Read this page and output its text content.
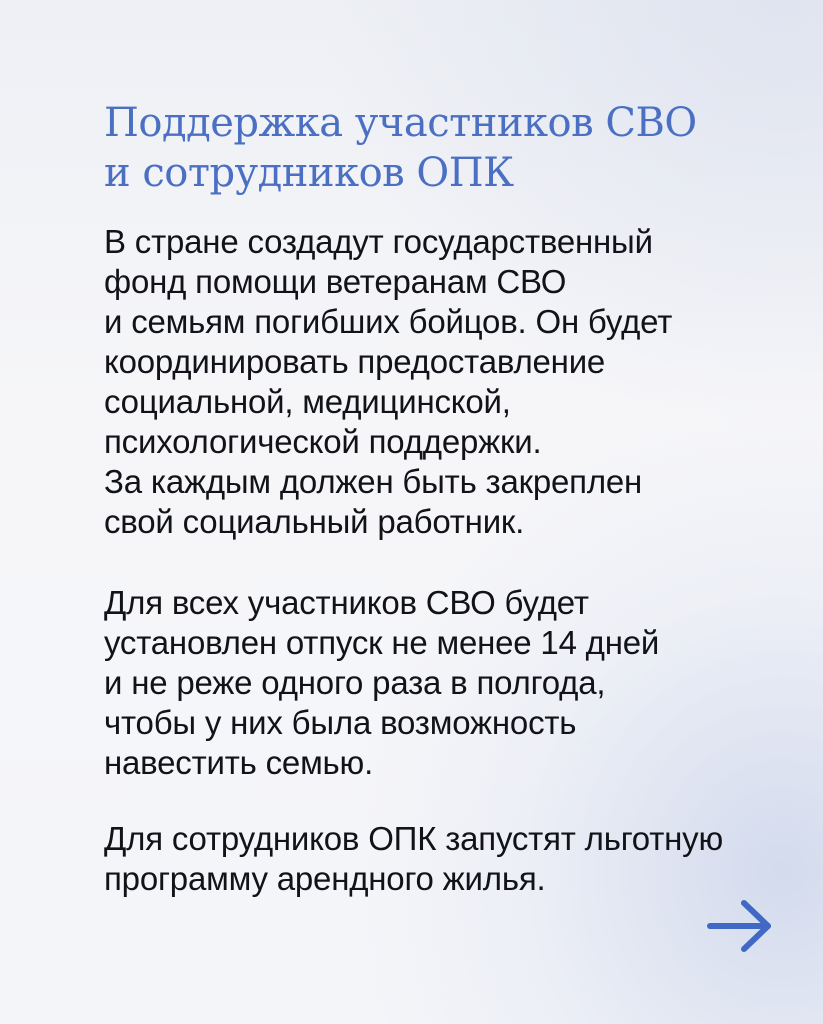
Поддержка участников СВО
и сотрудников ОПК

В стране создадут государственный
фонд помощи ветеранам СВО
и семьям погибших бойцов. Он будет
координировать предоставление
социальной, медицинской,
психологической поддержки.
За каждым должен быть закреплен
свой социальный работник.

Для всех участников СВО будет
установлен отпуск не менее 14 дней
и не реже одного раза в полгода,
чтобы у них была возможность
навестить семью.

Для сотрудников ОПК запустят льготную
программу арендного жилья.
